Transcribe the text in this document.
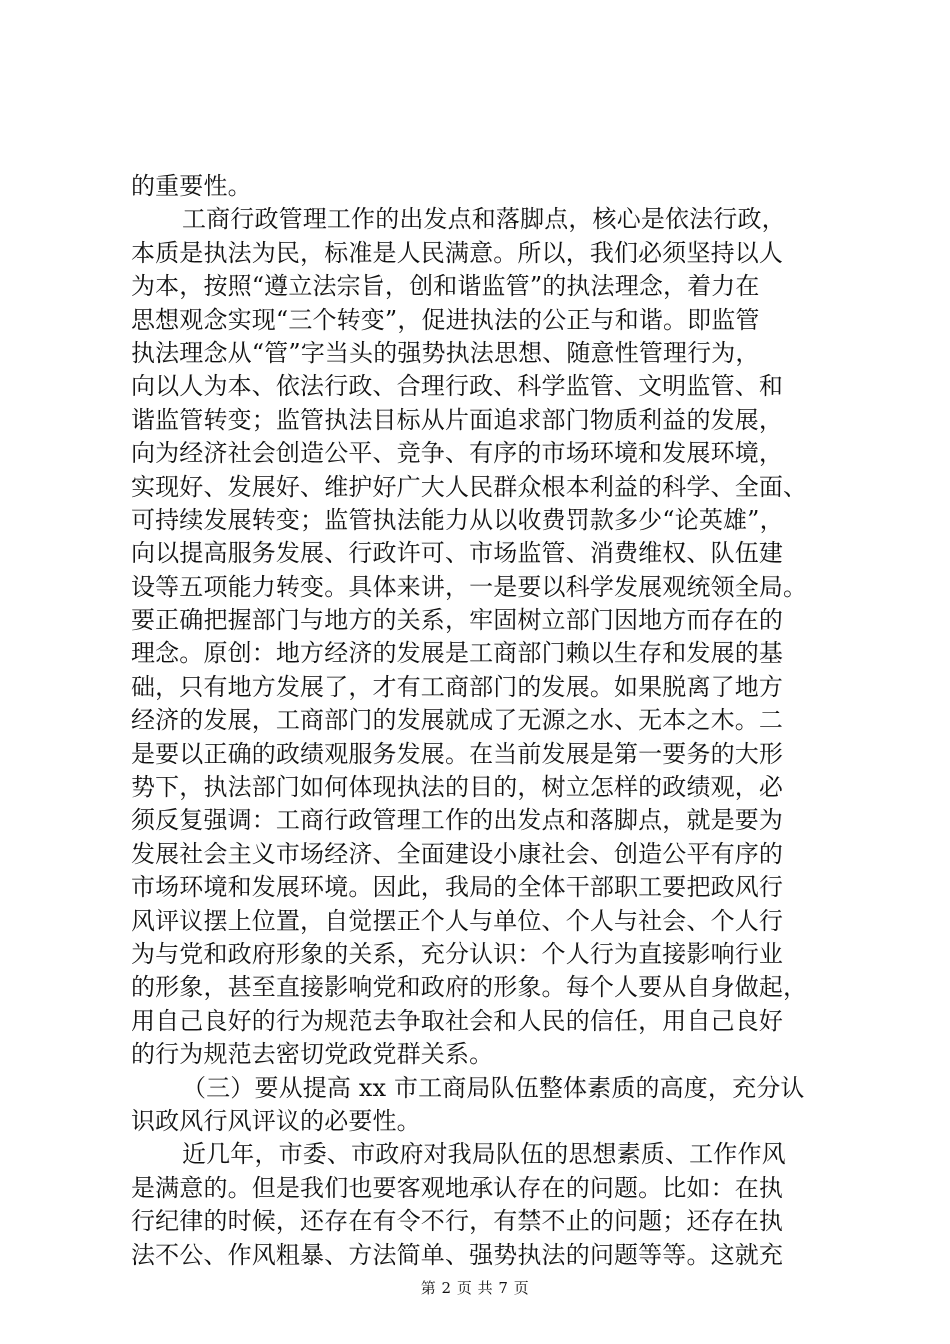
的重要性。
工商行政管理工作的出发点和落脚点，核心是依法行政，
本质是执法为民，标准是人民满意。所以，我们必须坚持以人
为本，按照“遵立法宗旨，创和谐监管”的执法理念，着力在
思想观念实现“三个转变”，促进执法的公正与和谐。即监管
执法理念从“管”字当头的强势执法思想、随意性管理行为，
向以人为本、依法行政、合理行政、科学监管、文明监管、和
谐监管转变；监管执法目标从片面追求部门物质利益的发展，
向为经济社会创造公平、竞争、有序的市场环境和发展环境，
实现好、发展好、维护好广大人民群众根本利益的科学、全面、
可持续发展转变；监管执法能力从以收费罚款多少“论英雄”，
向以提高服务发展、行政许可、市场监管、消费维权、队伍建
设等五项能力转变。具体来讲，一是要以科学发展观统领全局。
要正确把握部门与地方的关系，牢固树立部门因地方而存在的
理念。原创：地方经济的发展是工商部门赖以生存和发展的基
础，只有地方发展了，才有工商部门的发展。如果脱离了地方
经济的发展，工商部门的发展就成了无源之水、无本之木。二
是要以正确的政绩观服务发展。在当前发展是第一要务的大形
势下，执法部门如何体现执法的目的，树立怎样的政绩观，必
须反复强调：工商行政管理工作的出发点和落脚点，就是要为
发展社会主义市场经济、全面建设小康社会、创造公平有序的
市场环境和发展环境。因此，我局的全体干部职工要把政风行
风评议摆上位置，自觉摆正个人与单位、个人与社会、个人行
为与党和政府形象的关系，充分认识：个人行为直接影响行业
的形象，甚至直接影响党和政府的形象。每个人要从自身做起，
用自己良好的行为规范去争取社会和人民的信任，用自己良好
的行为规范去密切党政党群关系。
（三）要从提高 xx 市工商局队伍整体素质的高度，充分认
识政风行风评议的必要性。
近几年，市委、市政府对我局队伍的思想素质、工作作风
是满意的。但是我们也要客观地承认存在的问题。比如：在执
行纪律的时候，还存在有令不行，有禁不止的问题；还存在执
法不公、作风粗暴、方法简单、强势执法的问题等等。这就充
第 2 页 共 7 页
